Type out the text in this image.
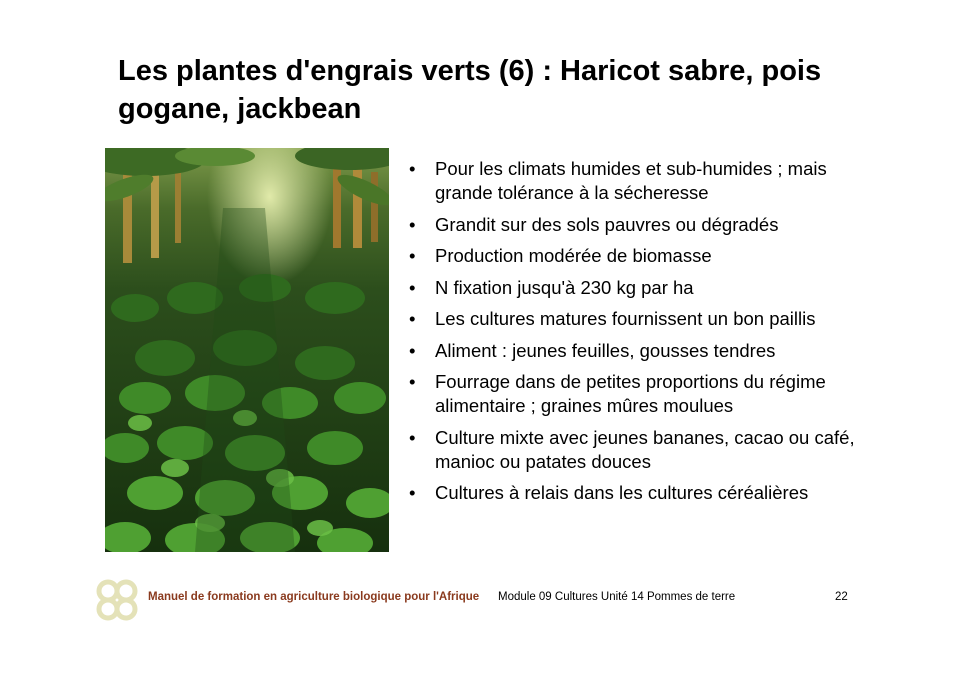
Les plantes d'engrais verts (6) : Haricot sabre, pois gogane, jackbean
• Pour les climats humides et sub-humides ; mais grande tolérance à la sécheresse
• Grandit sur des sols pauvres ou dégradés
• Production modérée de biomasse
• N fixation jusqu'à 230 kg par ha
• Les cultures matures fournissent un bon paillis
• Aliment : jeunes feuilles, gousses tendres
• Fourrage dans de petites proportions du régime alimentaire ; graines mûres moulues
• Culture mixte avec jeunes bananes, cacao ou café, manioc ou patates douces
• Cultures à relais dans les cultures céréalières
Manuel de formation en agriculture biologique pour l'Afrique Module 09 Cultures Unité 14 Pommes de terre	22
